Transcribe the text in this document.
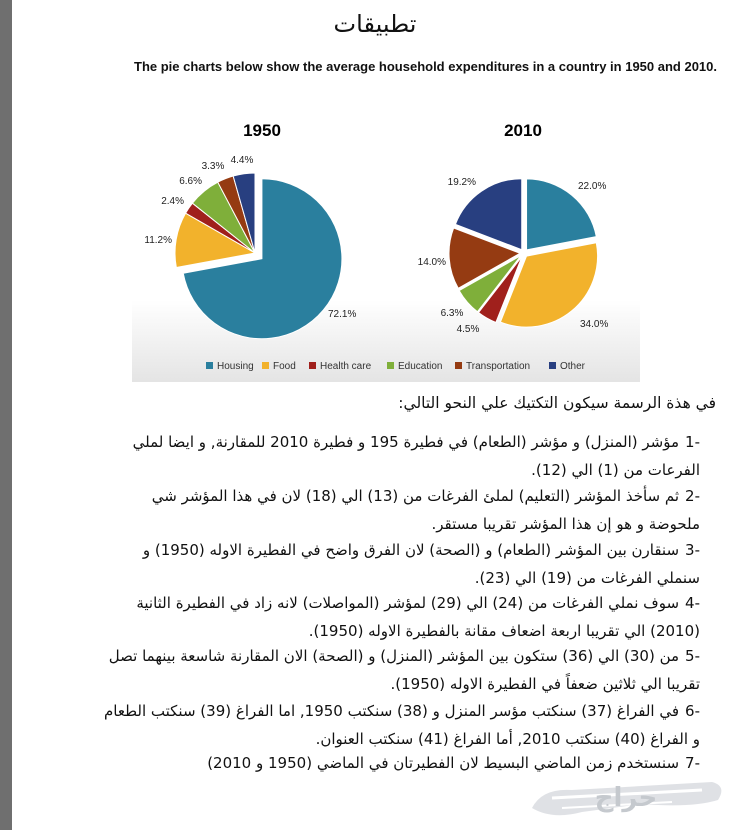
تطبيقات
The pie charts below show the average household expenditures in a country in 1950 and 2010.
1950	2010
72.1%
11.2%
2.4%
6.6%
3.3%
4.4%
22.0%
34.0%
4.5%
6.3%
14.0%
19.2%
Housing Food Health care	Education Transportation	Other
في هذة الرسمة سيكون التكتيك علي النحو التالي:
-1مؤشر (المنزل) و مؤشر (الطعام) في فطيرة 195 و فطيرة 2010 للمقارنة, و ايضا لملي
الفرعات من (1) الي (12).
-2ثم سأخذ المؤشر (التعليم) لملئ الفرغات من (13) الي (18) لان في هذا المؤشر شي
ملحوضة و هو إن هذا المؤشر تقريبا مستقر.
-3سنقارن بين المؤشر (الطعام) و (الصحة) لان الفرق واضح في الفطيرة الاوله (1950) و
سنملي الفرغات من (19) الي (23).
-4سوف نملي الفرغات من (24) الي (29) لمؤشر (المواصلات) لانه زاد في الفطيرة الثانية
(2010) الي تقريبا اربعة اضعاف مقانة بالفطيرة الاوله (1950).
-5من (30) الي (36) ستكون بين المؤشر (المنزل) و (الصحة) الان المقارنة شاسعة بينهما تصل
تقريبا الي ثلاثين ضعفاً في الفطيرة الاوله (1950).
-6في الفراغ (37) سنكتب مؤسر المنزل و (38) سنكتب 1950, اما الفراغ (39) سنكتب الطعام
و الفراغ (40) سنكتب 2010, أما الفراغ (41) سنكتب العنوان.
-7سنستخدم زمن الماضي البسيط لان الفطيرتان في الماضي (1950 و 2010)
حراج
